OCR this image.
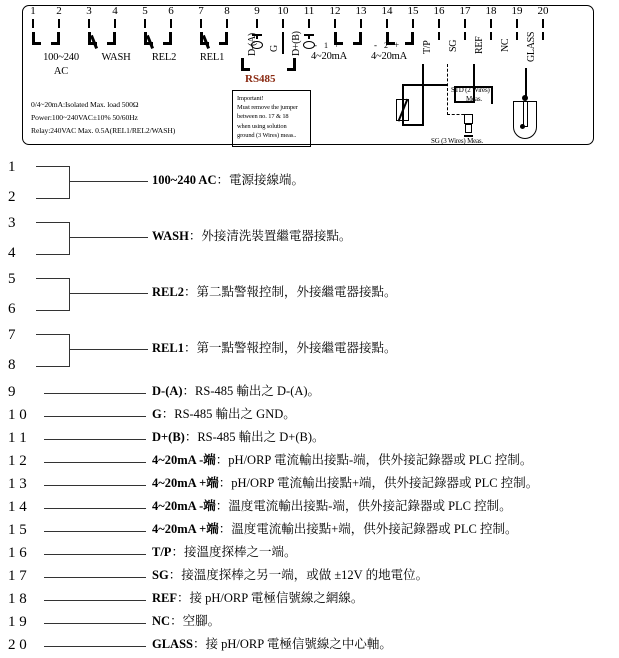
1	2	3	4	5	6	7	8	9	10	11	12	13	14	15	16	17	18	19	20
100~240
AC
WASH	REL2	REL1
RS485
D-(A) G D+(B) - 1 +
4~20mA
- 2 +
4~20mA
T/P SG REF NC GLASS
STD (2 Wires)
Meas.
SG (3 Wires) Meas.
Important!
Must remove the jumper
between no. 17 & 18
when using solution
ground (3 Wires) meas..
0/4~20mA:Isolated Max. load 500Ω
Power:100~240VAC±10% 50/60Hz
Relay:240VAC Max. 0.5A(REL1/REL2/WASH)
1
2
100~240 AC：電源接線端。
3
4
WASH：外接清洗裝置繼電器接點。
5
6
REL2：第二點警報控制，外接繼電器接點。
7
8
REL1：第一點警報控制，外接繼電器接點。
9	D-(A)：RS-485 輸出之 D-(A)。
1 0	G：RS-485 輸出之 GND。
1 1	D+(B)：RS-485 輸出之 D+(B)。
1 2	4~20mA -端：pH/ORP 電流輸出接點-端，供外接記錄器或 PLC 控制。
1 3	4~20mA +端：pH/ORP 電流輸出接點+端，供外接記錄器或 PLC 控制。
1 4	4~20mA -端：溫度電流輸出接點-端，供外接記錄器或 PLC 控制。
1 5	4~20mA +端：溫度電流輸出接點+端，供外接記錄器或 PLC 控制。
1 6	T/P：接溫度探棒之一端。
1 7	SG：接溫度探棒之另一端，或做 ±12V 的地電位。
1 8	REF：接 pH/ORP 電極信號線之網線。
1 9	NC：空腳。
2 0	GLASS：接 pH/ORP 電極信號線之中心軸。
